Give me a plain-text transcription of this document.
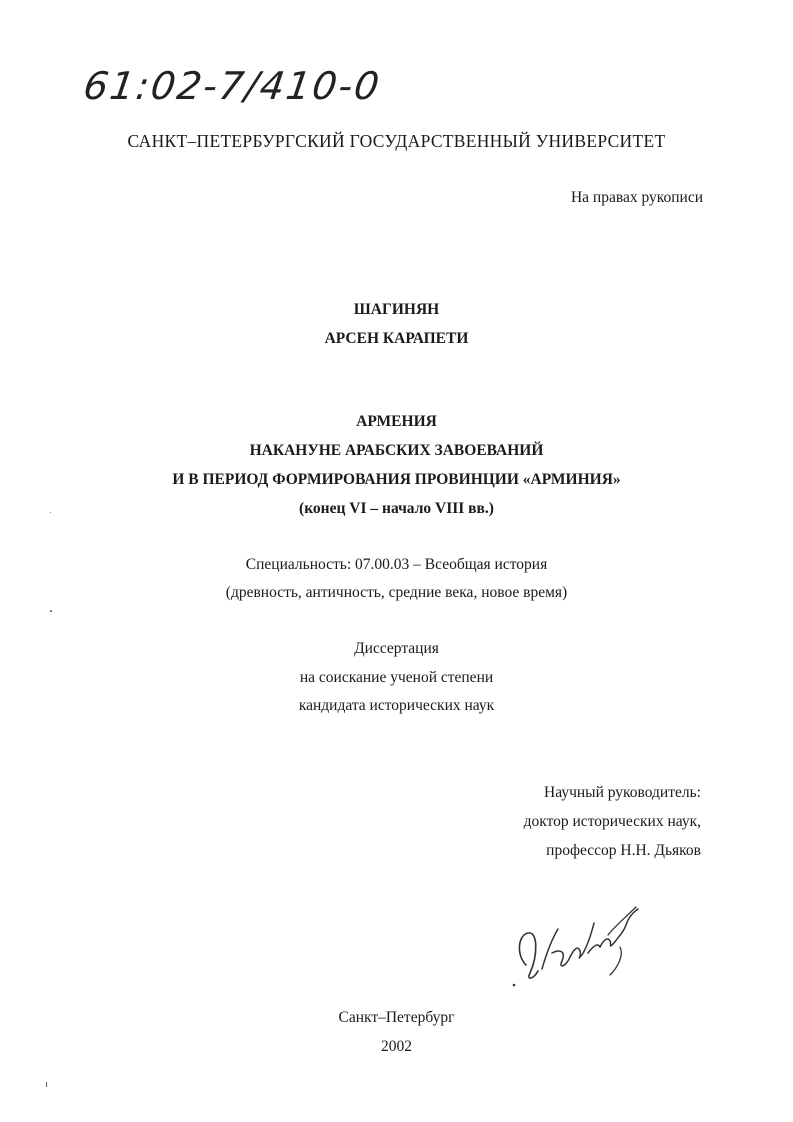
61:02-7/410-0
САНКТ–ПЕТЕРБУРГСКИЙ ГОСУДАРСТВЕННЫЙ УНИВЕРСИТЕТ
На правах рукописи
ШАГИНЯН
АРСЕН КАРАПЕТИ
АРМЕНИЯ
НАКАНУНЕ АРАБСКИХ ЗАВОЕВАНИЙ
И В ПЕРИОД ФОРМИРОВАНИЯ ПРОВИНЦИИ «АРМИНИЯ»
(конец VI – начало VIII вв.)
Специальность: 07.00.03 – Всеобщая история
(древность, античность, средние века, новое время)
Диссертация
на соискание ученой степени
кандидата исторических наук
Научный руководитель:
доктор исторических наук,
профессор Н.Н. Дьяков
Санкт–Петербург
2002
